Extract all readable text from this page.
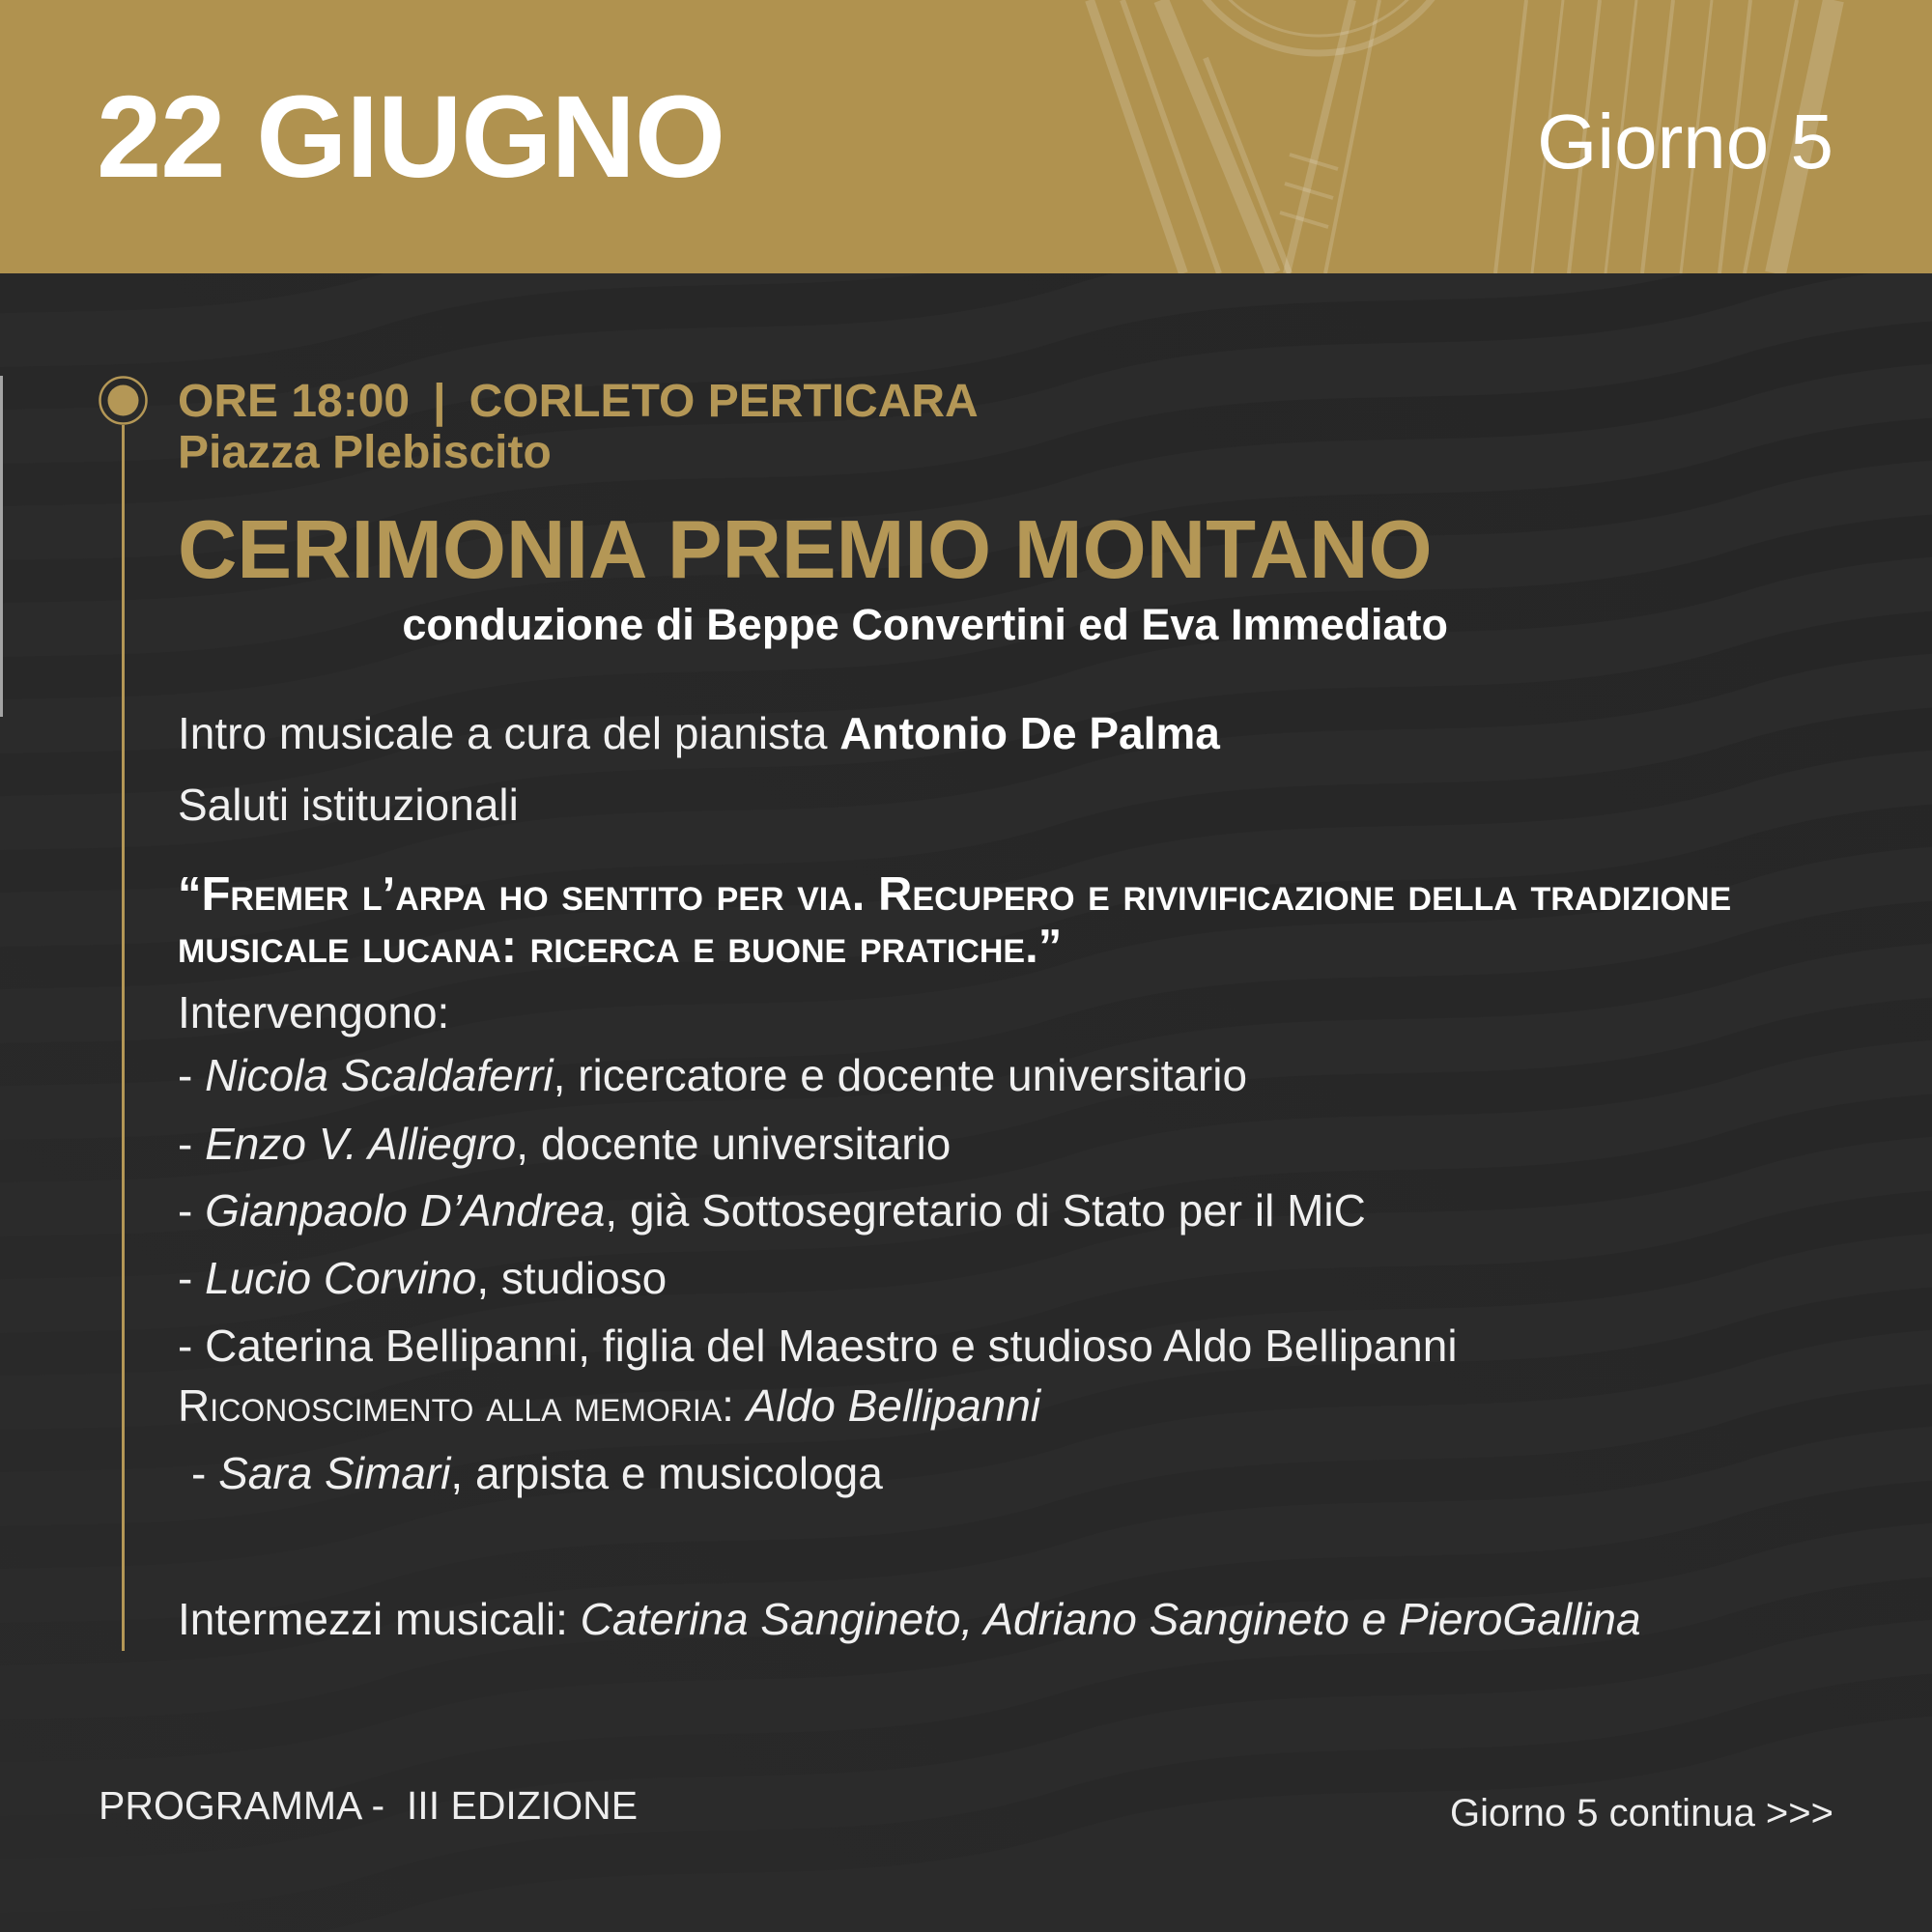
22 GIUGNO	Giorno 5
ORE 18:00 | CORLETO PERTICARA
Piazza Plebiscito
CERIMONIA PREMIO MONTANO
conduzione di Beppe Convertini ed Eva Immediato
Intro musicale a cura del pianista Antonio De Palma
Saluti istituzionali
“Fremer l’arpa ho sentito per via. Recupero e rivivificazione della tradizione
musicale lucana: ricerca e buone pratiche.”
Intervengono:
- Nicola Scaldaferri, ricercatore e docente universitario
- Enzo V. Alliegro, docente universitario
- Gianpaolo D’Andrea, già Sottosegretario di Stato per il MiC
- Lucio Corvino, studioso
- Caterina Bellipanni, figlia del Maestro e studioso Aldo Bellipanni
Riconoscimento alla memoria: Aldo Bellipanni
- Sara Simari, arpista e musicologa
Intermezzi musicali: Caterina Sangineto, Adriano Sangineto e PieroGallina
PROGRAMMA -  III EDIZIONE	Giorno 5 continua >>>
